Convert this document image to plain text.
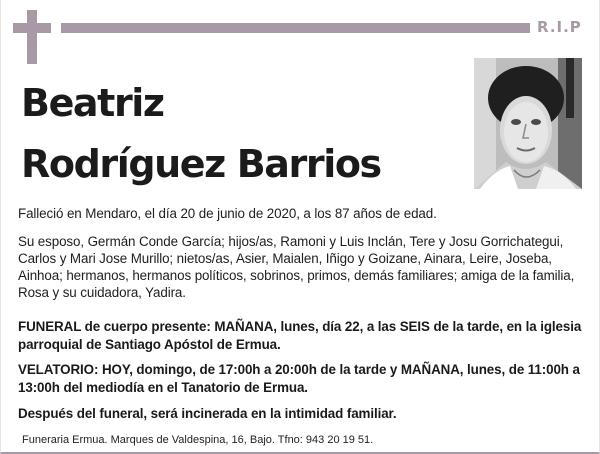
R.I.P
Beatriz
Rodríguez Barrios
Falleció en Mendaro, el día 20 de junio de 2020, a los 87 años de edad.
Su esposo, Germán Conde García; hijos/as, Ramoni y Luis Inclán, Tere y Josu Gorrichategui, Carlos y Mari Jose Murillo; nietos/as, Asier, Maialen, Iñigo y Goizane, Ainara, Leire, Joseba, Ainhoa; hermanos, hermanos políticos, sobrinos, primos, demás familiares; amiga de la familia, Rosa y su cuidadora, Yadira.
FUNERAL de cuerpo presente: MAÑANA, lunes, día 22, a las SEIS de la tarde, en la iglesia parroquial de Santiago Apóstol de Ermua.
VELATORIO: HOY, domingo, de 17:00h a 20:00h de la tarde y MAÑANA, lunes, de 11:00h a 13:00h del mediodía en el Tanatorio de Ermua.
Después del funeral, será incinerada en la intimidad familiar.
Funeraria Ermua. Marques de Valdespina, 16, Bajo. Tfno: 943 20 19 51.
